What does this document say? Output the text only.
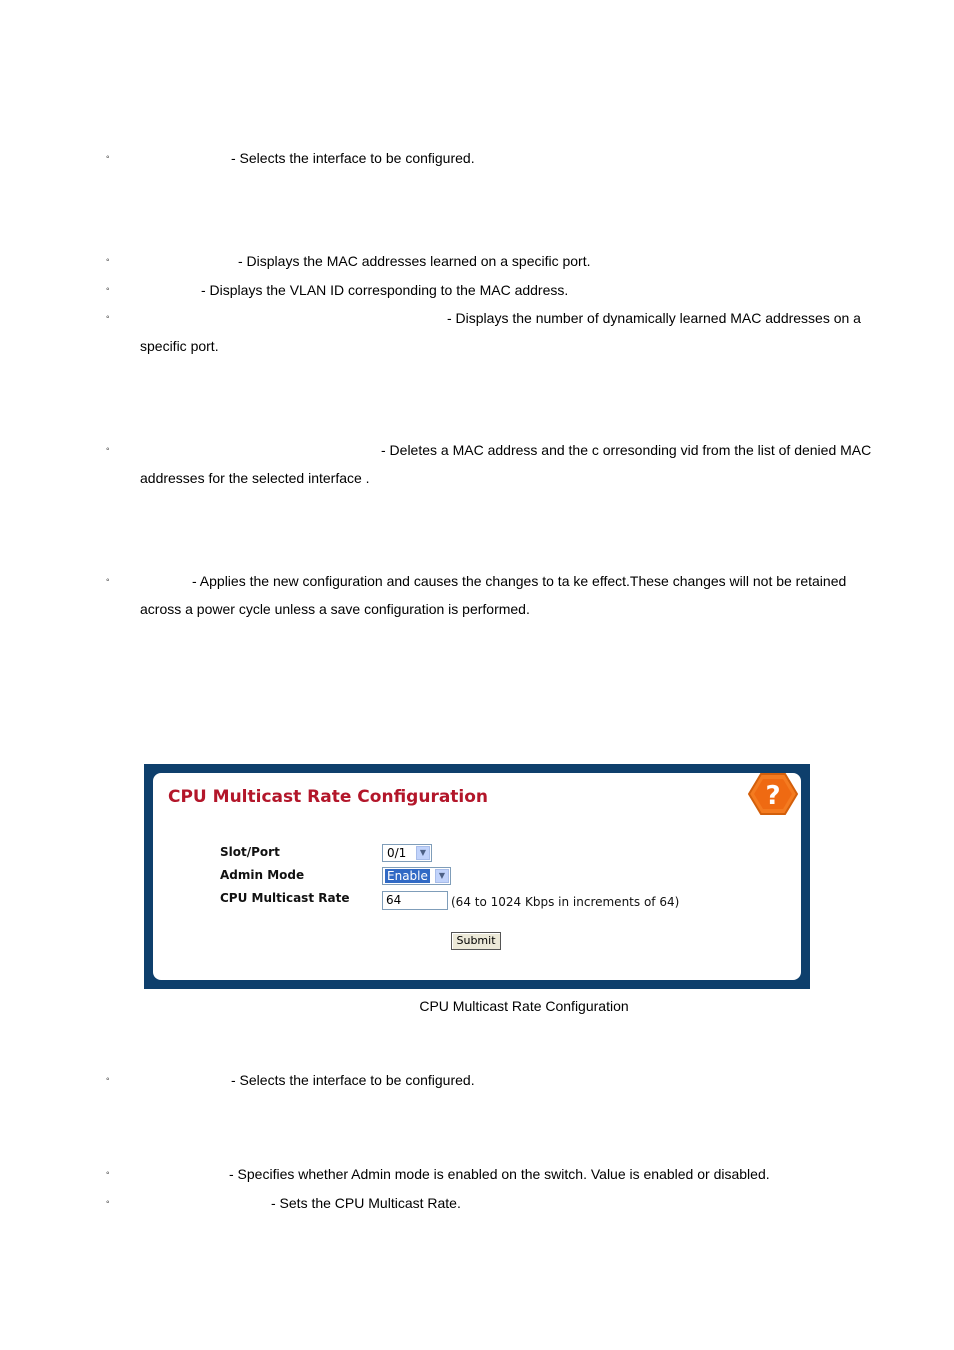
◦	- Selects the interface to be configured.
◦	- Displays the MAC addresses learned on a specific port.
◦	- Displays the VLAN ID corresponding to the MAC address.
◦	- Displays the number of dynamically learned MAC addresses on a
specific port.
◦	- Deletes a MAC address and the c orresonding vid from the list of denied MAC
addresses for the selected interface .
◦	- Applies the new configuration and causes the changes to ta ke effect.These changes will not be retained
across a power cycle unless a save configuration is performed.
CPU Multicast Rate Configuration	?
Slot/Port	0/1	▼
Admin Mode	Enable	▼
CPU Multicast Rate	64	(64 to 1024 Kbps in increments of 64)
Submit
CPU Multicast Rate Configuration
◦	- Selects the interface to be configured.
◦	- Specifies whether Admin mode is enabled on the switch. Value is enabled or disabled.
◦	- Sets the CPU Multicast Rate.
